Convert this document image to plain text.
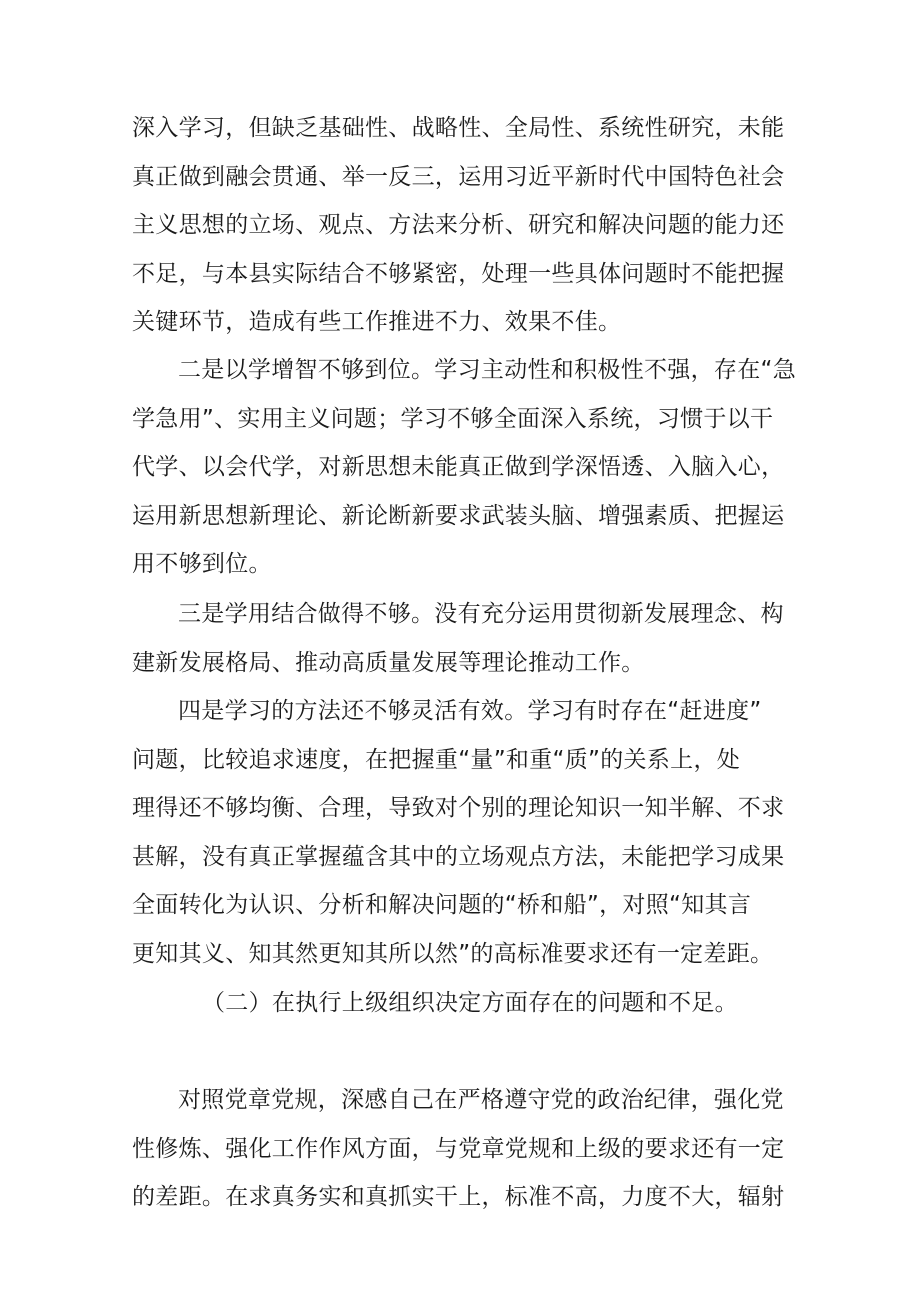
深入学习，但缺乏基础性、战略性、全局性、系统性研究，未能
真正做到融会贯通、举一反三，运用习近平新时代中国特色社会
主义思想的立场、观点、方法来分析、研究和解决问题的能力还
不足，与本县实际结合不够紧密，处理一些具体问题时不能把握
关键环节，造成有些工作推进不力、效果不佳。
二是以学增智不够到位。学习主动性和积极性不强，存在“急
学急用”、实用主义问题；学习不够全面深入系统，习惯于以干
代学、以会代学，对新思想未能真正做到学深悟透、入脑入心，
运用新思想新理论、新论断新要求武装头脑、增强素质、把握运
用不够到位。
三是学用结合做得不够。没有充分运用贯彻新发展理念、构
建新发展格局、推动高质量发展等理论推动工作。
四是学习的方法还不够灵活有效。学习有时存在“赶进度”
问题，比较追求速度，在把握重“量”和重“质”的关系上，处
理得还不够均衡、合理，导致对个别的理论知识一知半解、不求
甚解，没有真正掌握蕴含其中的立场观点方法，未能把学习成果
全面转化为认识、分析和解决问题的“桥和船”，对照“知其言
更知其义、知其然更知其所以然”的高标准要求还有一定差距。
（二）在执行上级组织决定方面存在的问题和不足。
对照党章党规，深感自己在严格遵守党的政治纪律，强化党
性修炼、强化工作作风方面，与党章党规和上级的要求还有一定
的差距。在求真务实和真抓实干上，标准不高，力度不大，辐射
